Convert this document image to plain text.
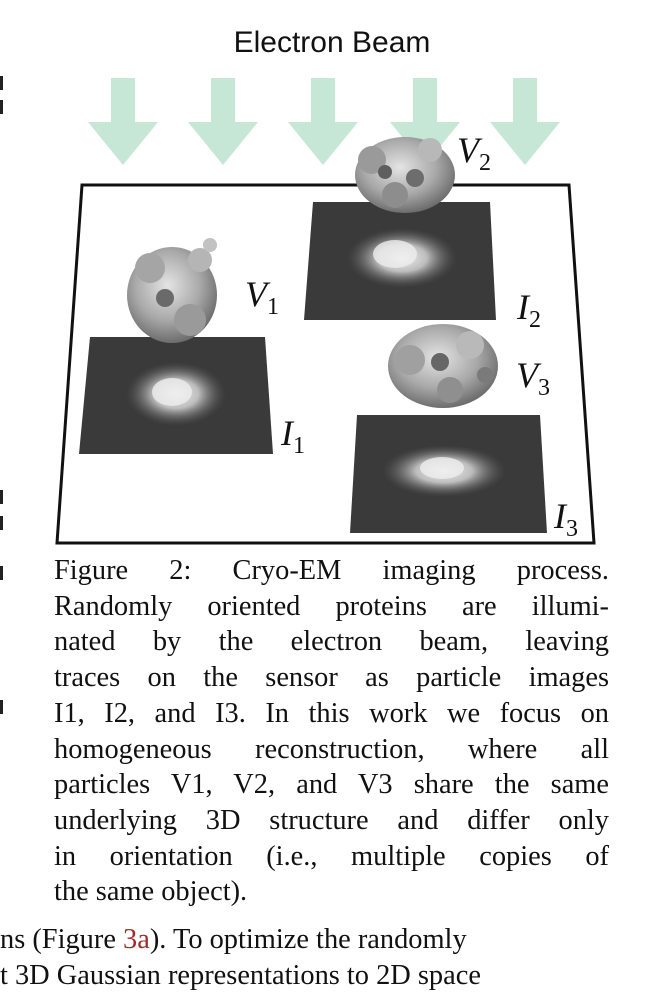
Electron Beam
$V_2$
$V_1$	$I_2$
$V_3$
$I_1$
$I_3$

Figure 2: Cryo-EM imaging process.
Randomly oriented proteins are illumi-
nated by the electron beam, leaving
traces on the sensor as particle images
I1, I2, and I3. In this work we focus on
homogeneous reconstruction, where all
particles V1, V2, and V3 share the same
underlying 3D structure and differ only
in orientation (i.e., multiple copies of
the same object).

ns (Figure 3a). To optimize the randomly
t 3D Gaussian representations to 2D space
